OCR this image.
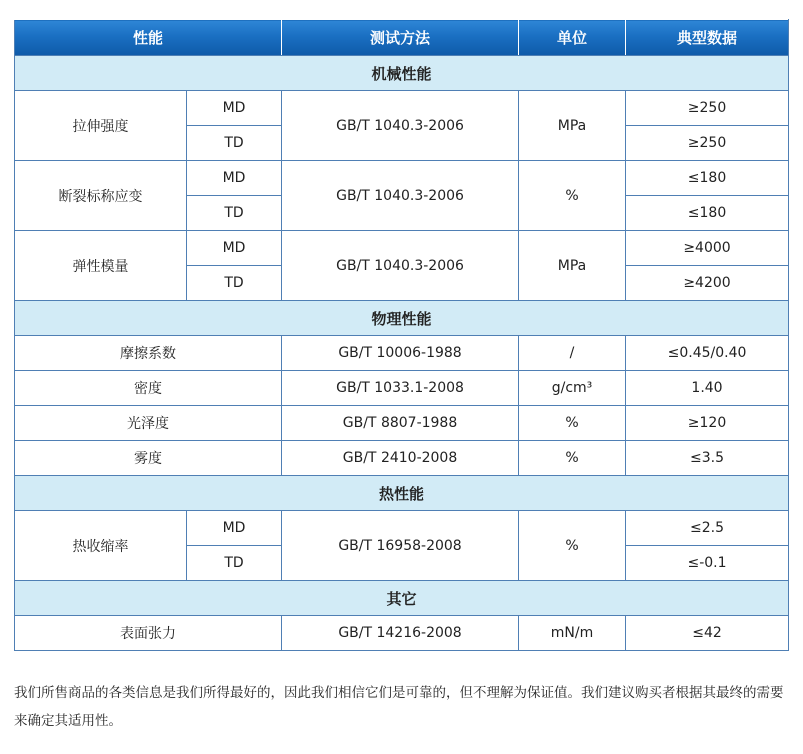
性能		测试方法	单位	典型数据
机械性能				
拉伸强度	MD	GB/T 1040.3-2006	MPa	≥250
	TD			≥250
断裂标称应变	MD	GB/T 1040.3-2006	%	≤180
	TD			≤180
弹性模量	MD	GB/T 1040.3-2006	MPa	≥4000
	TD			≥4200
物理性能				
摩擦系数		GB/T 10006-1988	/	≤0.45/0.40
密度		GB/T 1033.1-2008	g/cm³	1.40
光泽度		GB/T 8807-1988	%	≥120
雾度		GB/T 2410-2008	%	≤3.5
热性能				
热收缩率	MD	GB/T 16958-2008	%	≤2.5
	TD			≤-0.1
其它				
表面张力		GB/T 14216-2008	mN/m	≤42

我们所售商品的各类信息是我们所得最好的，因此我们相信它们是可靠的，但不理解为保证值。我们建议购买者根据其最终的需要来确定其适用性。
